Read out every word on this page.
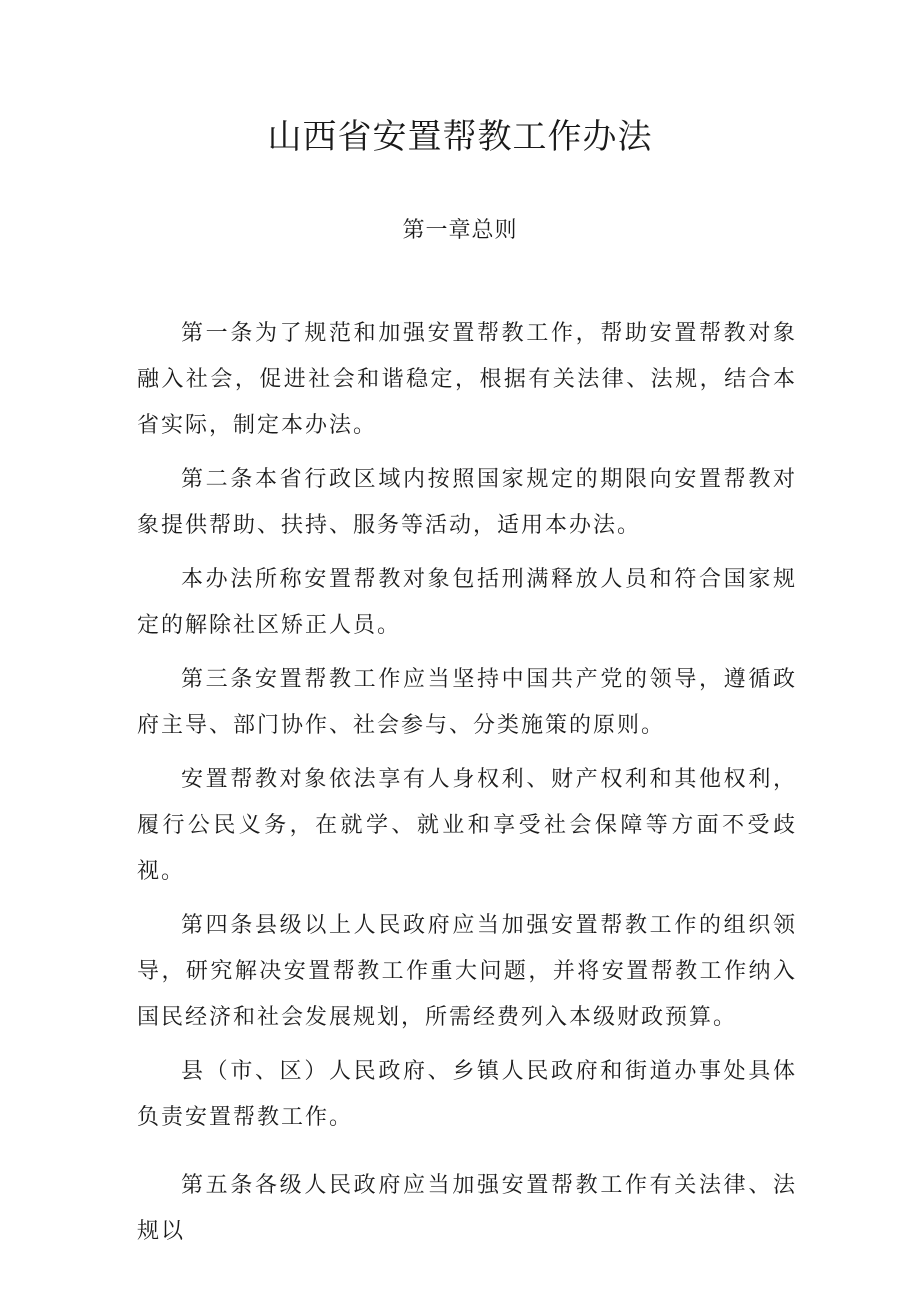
山西省安置帮教工作办法
第一章总则

第一条为了规范和加强安置帮教工作，帮助安置帮教对象融入社会，促进社会和谐稳定，根据有关法律、法规，结合本省实际，制定本办法。

第二条本省行政区域内按照国家规定的期限向安置帮教对象提供帮助、扶持、服务等活动，适用本办法。

本办法所称安置帮教对象包括刑满释放人员和符合国家规定的解除社区矫正人员。

第三条安置帮教工作应当坚持中国共产党的领导，遵循政府主导、部门协作、社会参与、分类施策的原则。

安置帮教对象依法享有人身权利、财产权利和其他权利，履行公民义务，在就学、就业和享受社会保障等方面不受歧视。

第四条县级以上人民政府应当加强安置帮教工作的组织领导，研究解决安置帮教工作重大问题，并将安置帮教工作纳入国民经济和社会发展规划，所需经费列入本级财政预算。

县（市、区）人民政府、乡镇人民政府和街道办事处具体负责安置帮教工作。

第五条各级人民政府应当加强安置帮教工作有关法律、法规以
